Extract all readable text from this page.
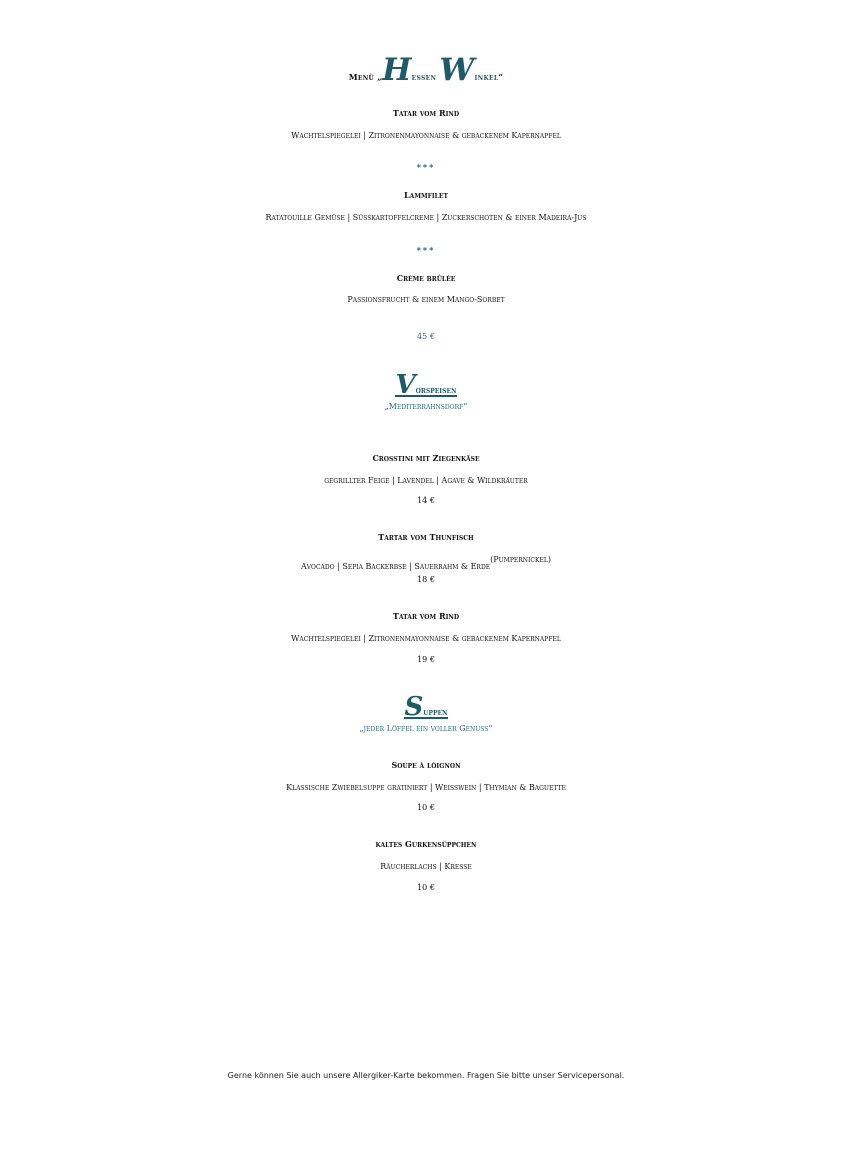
Menü „Hessen Winkel“
Tatar vom Rind
Wachtelspiegelei | Zitronenmayonnaise & gebackenem Kapernapfel
***
Lammfilet
Ratatouille Gemüse | Süsskartoffelcreme | Zuckerschoten & einer Madeira-Jus
***
Crème brûlée
Passionsfrucht & einem Mango-Sorbet
45 €
Vorspeisen
„Mediterrahnsdorf“
Crosstini mit Ziegenkäse
gegrillter Feige | Lavendel | Agave & Wildkräuter
14 €
Tartar vom Thunfisch
Avocado | Sepia Backerbse | Sauerrahm & Erde(Pumpernickel)
18 €
Tatar vom Rind
Wachtelspiegelei | Zitronenmayonnaise & gebackenem Kapernapfel
19 €
Suppen
„jeder Löffel ein voller Genuss“
Soupe à lóignon
Klassische Zwiebelsuppe gratiniert | Weisswein | Thymian & Baguette
10 €
kaltes Gurkensüppchen
Räucherlachs | Kresse
10 €
Gerne können Sie auch unsere Allergiker-Karte bekommen. Fragen Sie bitte unser Servicepersonal.
